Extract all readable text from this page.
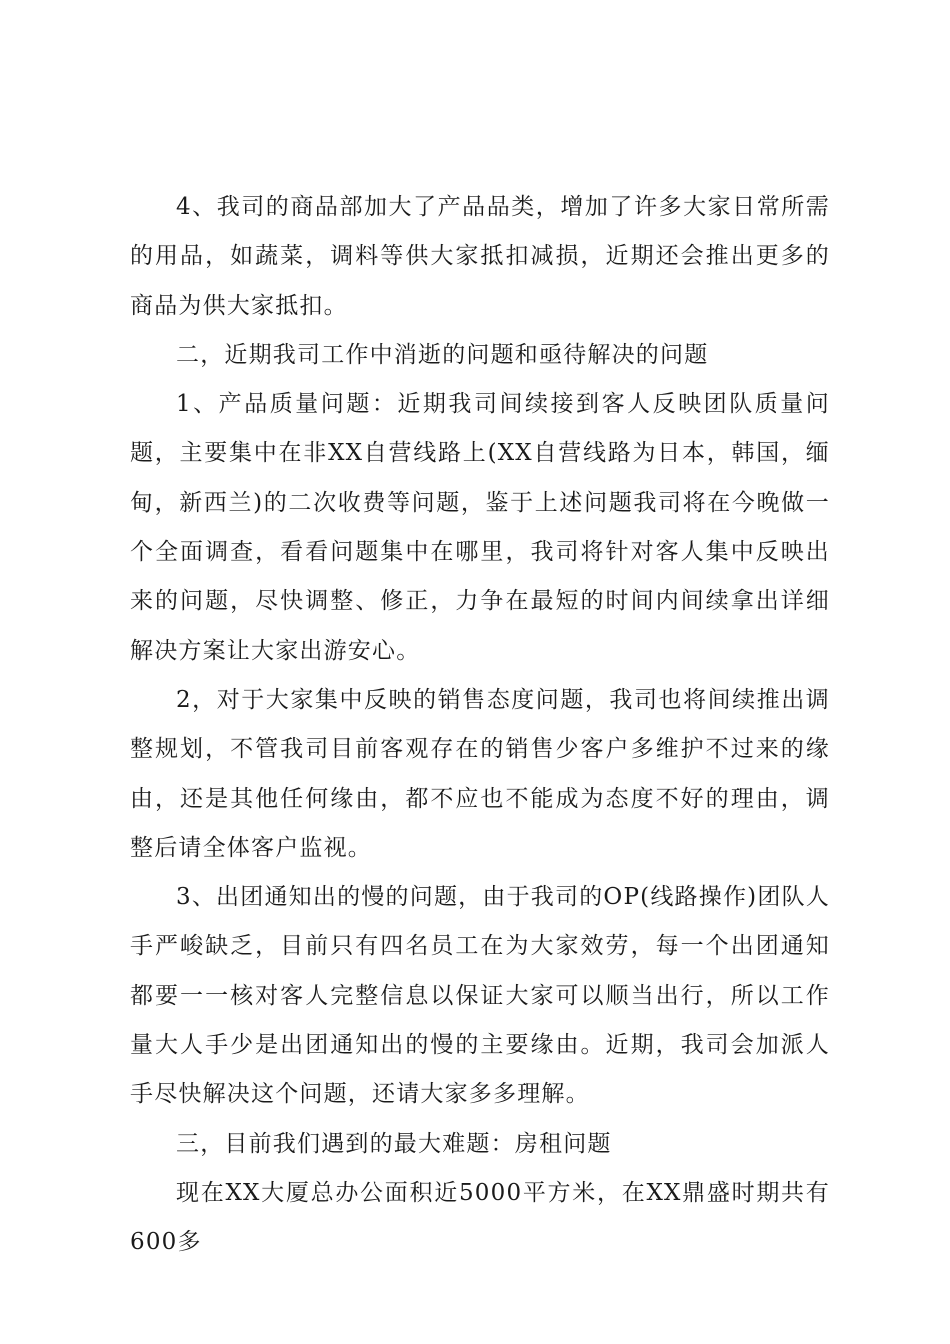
4、我司的商品部加大了产品品类，增加了许多大家日常所需的用品，如蔬菜，调料等供大家抵扣减损，近期还会推出更多的商品为供大家抵扣。

二，近期我司工作中消逝的问题和亟待解决的问题

1、产品质量问题：近期我司间续接到客人反映团队质量问题，主要集中在非XX自营线路上(XX自营线路为日本，韩国，缅甸，新西兰)的二次收费等问题，鉴于上述问题我司将在今晚做一个全面调查，看看问题集中在哪里，我司将针对客人集中反映出来的问题，尽快调整、修正，力争在最短的时间内间续拿出详细解决方案让大家出游安心。

2，对于大家集中反映的销售态度问题，我司也将间续推出调整规划，不管我司目前客观存在的销售少客户多维护不过来的缘由，还是其他任何缘由，都不应也不能成为态度不好的理由，调整后请全体客户监视。

3、出团通知出的慢的问题，由于我司的OP(线路操作)团队人手严峻缺乏，目前只有四名员工在为大家效劳，每一个出团通知都要一一核对客人完整信息以保证大家可以顺当出行，所以工作量大人手少是出团通知出的慢的主要缘由。近期，我司会加派人手尽快解决这个问题，还请大家多多理解。

三，目前我们遇到的最大难题：房租问题

现在XX大厦总办公面积近5000平方米，在XX鼎盛时期共有600多
